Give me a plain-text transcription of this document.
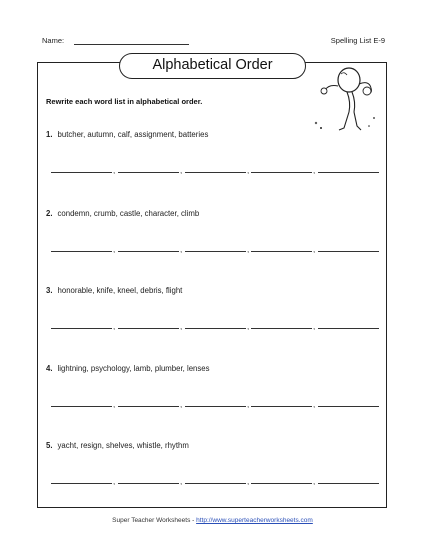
Name:	Spelling List E-9
Alphabetical Order
Rewrite each word list in alphabetical order.
1. butcher, autumn, calf, assignment, batteries
,	,	,	,
2. condemn, crumb, castle, character, climb
,	,	,	,
3. honorable, knife, kneel, debris, flight
,	,	,	,
4. lightning, psychology, lamb, plumber, lenses
,	,	,	,
5. yacht, resign, shelves, whistle, rhythm
,	,	,	,
Super Teacher Worksheets - http://www.superteacherworksheets.com
